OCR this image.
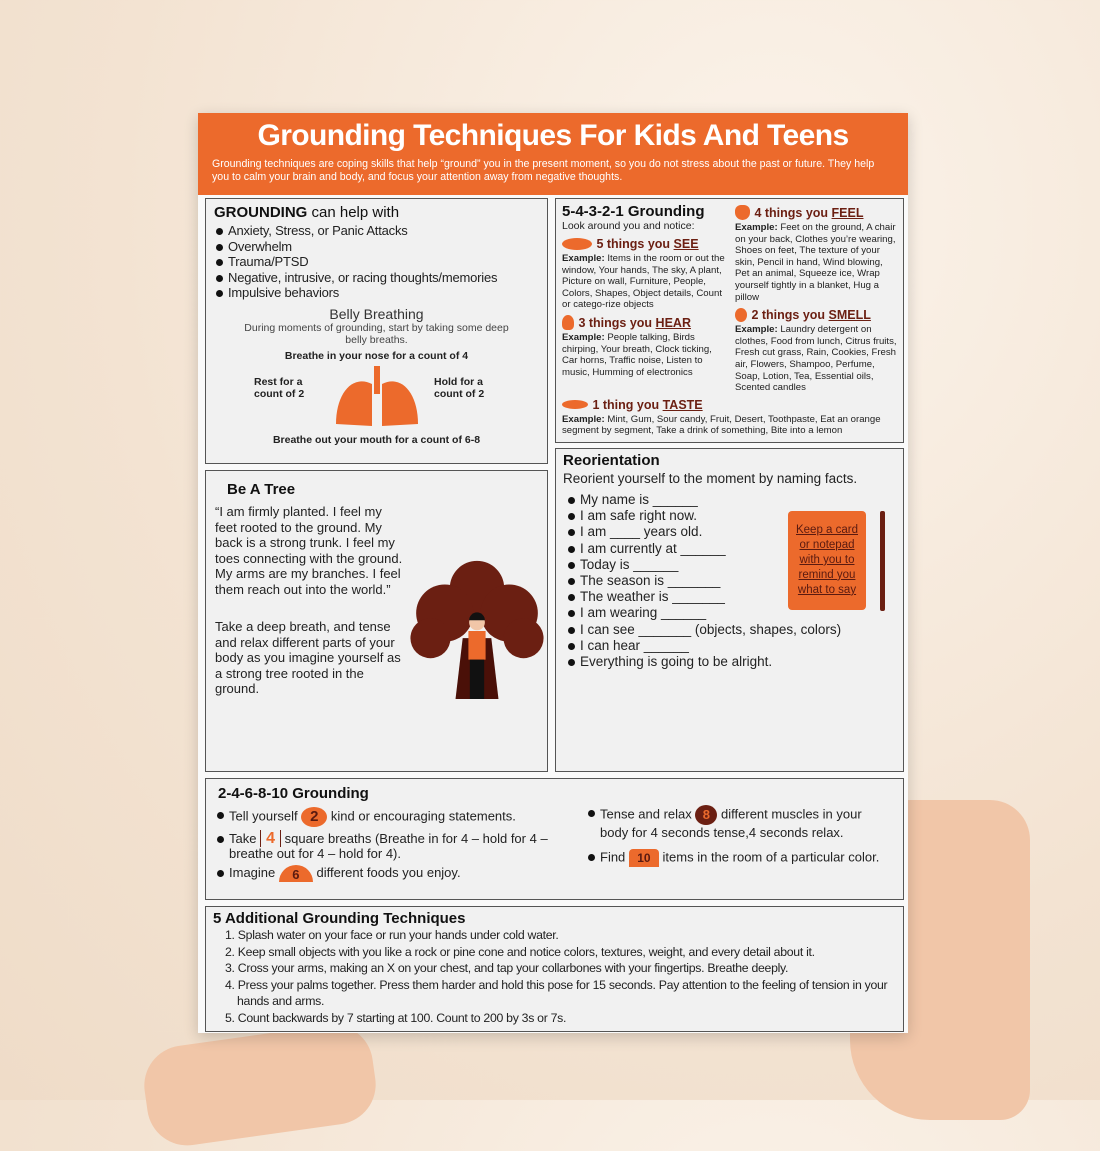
Grounding Techniques For Kids And Teens

Grounding techniques are coping skills that help “ground” you in the present moment, so you do not stress about the past or future. They help you to calm your brain and body, and focus your attention away from negative thoughts.

GROUNDING can help with
Anxiety, Stress, or Panic Attacks
Overwhelm
Trauma/PTSD
Negative, intrusive, or racing thoughts/memories
Impulsive behaviors
Belly Breathing
During moments of grounding, start by taking some deep belly breaths.
Breathe in your nose for a count of 4
Rest for a count of 2
Hold for a count of 2
Breathe out your mouth for a count of 6-8
Be A Tree
“I am firmly planted. I feel my feet rooted to the ground. My back is a strong trunk. I feel my toes connecting with the ground. My arms are my branches. I feel them reach out into the world.”
Take a deep breath, and tense and relax different parts of your body as you imagine yourself as a strong tree rooted in the ground.
5-4-3-2-1 Grounding
Look around you and notice:
5 things you SEE
Example: Items in the room or out the window, Your hands, The sky, A plant, Picture on wall, Furniture, People, Colors, Shapes, Object details, Count or catego-rize objects
3 things you HEAR
Example: People talking, Birds chirping, Your breath, Clock ticking, Car horns, Traffic noise, Listen to music, Humming of electronics
4 things you FEEL
Example: Feet on the ground, A chair on your back, Clothes you’re wearing, Shoes on feet, The texture of your skin, Pencil in hand, Wind blowing, Pet an animal, Squeeze ice, Wrap yourself tightly in a blanket, Hug a pillow
2 things you SMELL
Example: Laundry detergent on clothes, Food from lunch, Citrus fruits, Fresh cut grass, Rain, Cookies, Fresh air, Flowers, Shampoo, Perfume, Soap, Lotion, Tea, Essential oils, Scented candles
1 thing you TASTE
Example: Mint, Gum, Sour candy, Fruit, Desert, Toothpaste, Eat an orange segment by segment, Take a drink of something, Bite into a lemon
Reorientation
Reorient yourself to the moment by naming facts.
My name is ______
I am safe right now.
I am ____ years old.
I am currently at ______
Today is ______
The season is _______
The weather is _______
I am wearing ______
I can see _______ (objects, shapes, colors)
I can hear ______
Everything is going to be alright.
Keep a card or notepad with you to remind you what to say
2-4-6-8-10 Grounding
Tell yourself 2 kind or encouraging statements.
Take 4 square breaths (Breathe in for 4 – hold for 4 – breathe out for 4 – hold for 4).
Imagine 6 different foods you enjoy.
Tense and relax 8 different muscles in your body for 4 seconds tense,4 seconds relax.
Find 10 items in the room of a particular color.
5 Additional Grounding Techniques
1. Splash water on your face or run your hands under cold water.
2. Keep small objects with you like a rock or pine cone and notice colors, textures, weight, and every detail about it.
3. Cross your arms, making an X on your chest, and tap your collarbones with your fingertips. Breathe deeply.
4. Press your palms together. Press them harder and hold this pose for 15 seconds. Pay attention to the feeling of tension in your hands and arms.
5. Count backwards by 7 starting at 100. Count to 200 by 3s or 7s.
